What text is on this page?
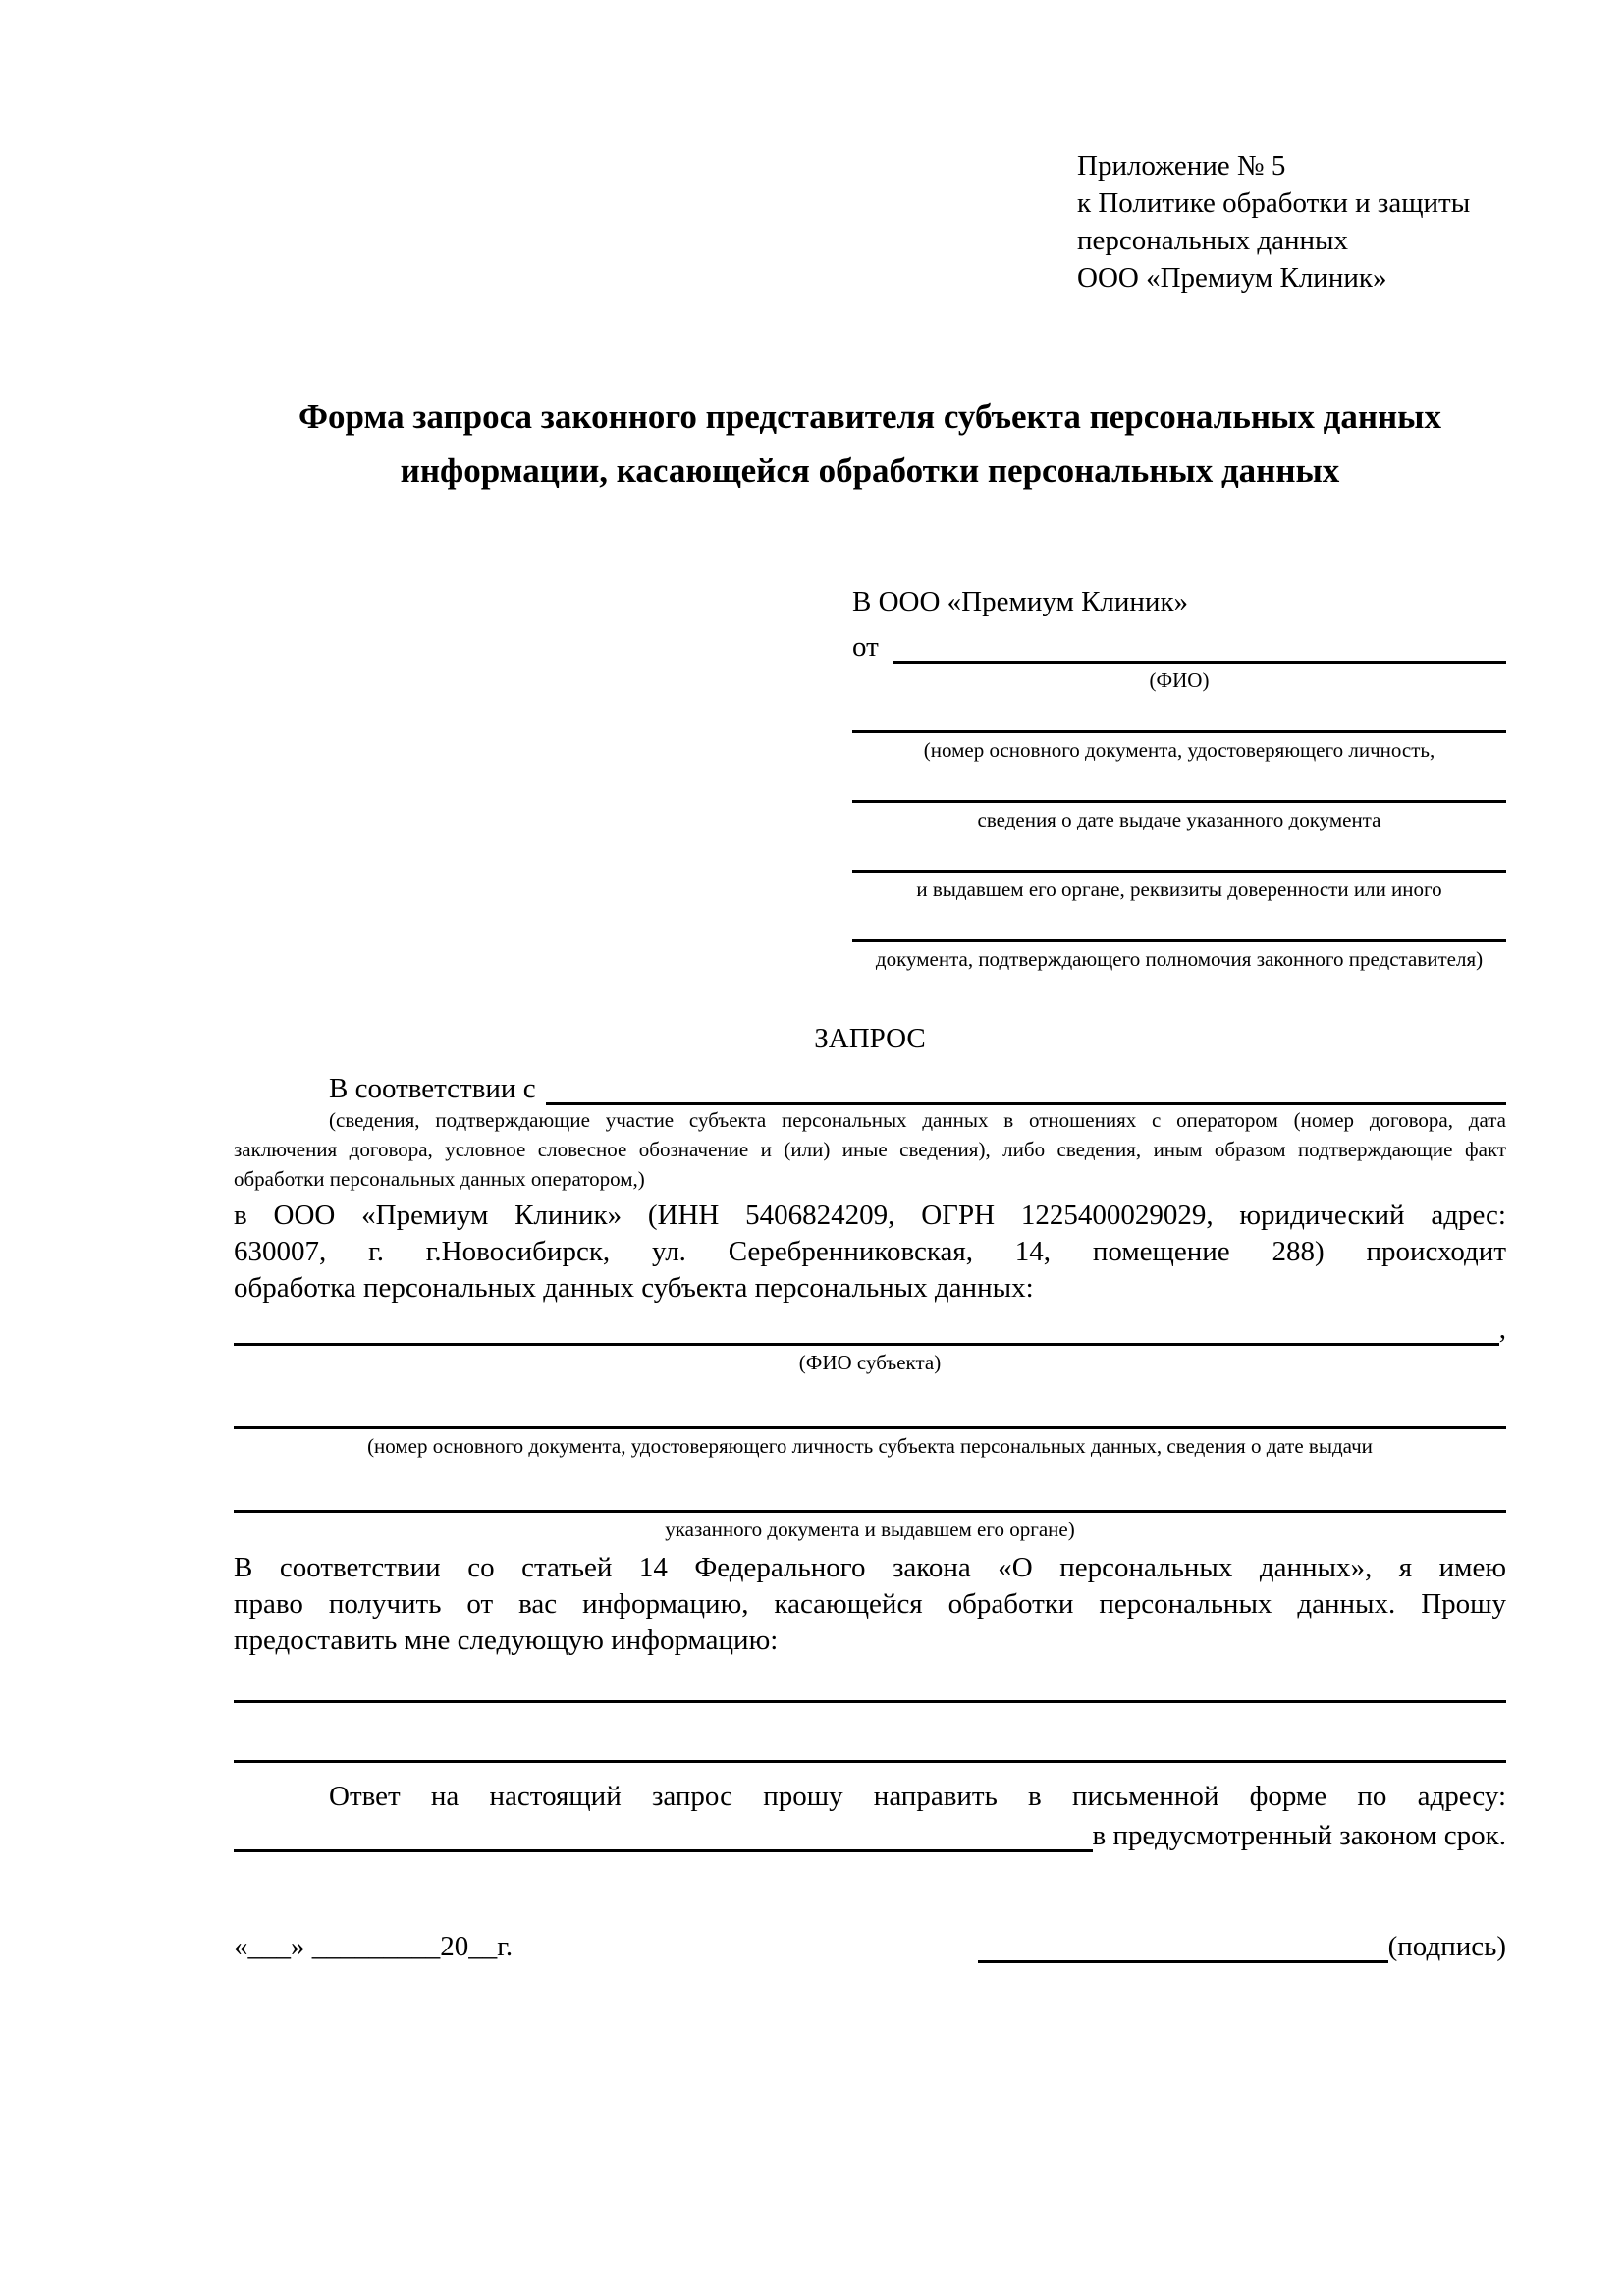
Приложение № 5
к Политике обработки и защиты
персональных данных
ООО «Премиум Клиник»
Форма запроса законного представителя субъекта персональных данных
информации, касающейся обработки персональных данных
В ООО «Премиум Клиник»
от
(ФИО)
(номер основного документа, удостоверяющего личность,
сведения о дате выдаче указанного документа
и выдавшем его органе, реквизиты доверенности или иного
документа, подтверждающего полномочия законного представителя)
ЗАПРОС
В соответствии с
(сведения, подтверждающие участие субъекта персональных данных в отношениях с оператором (номер договора, дата
заключения договора, условное словесное обозначение и (или) иные сведения), либо сведения, иным образом подтверждающие факт
обработки персональных данных оператором,)
в ООО «Премиум Клиник» (ИНН 5406824209, ОГРН 1225400029029, юридический адрес:
630007, г. г.Новосибирск, ул. Серебренниковская, 14, помещение 288) происходит
обработка персональных данных субъекта персональных данных:
,
(ФИО субъекта)
(номер основного документа, удостоверяющего личность субъекта персональных данных, сведения о дате выдачи
указанного документа и выдавшем его органе)
В соответствии со статьей 14 Федерального закона «О персональных данных», я имею
право получить от вас информацию, касающейся обработки персональных данных. Прошу
предоставить мне следующую информацию:
Ответ на настоящий запрос прошу направить в письменной форме по адресу:
в предусмотренный законом срок.
«___» _________20__г.	(подпись)
